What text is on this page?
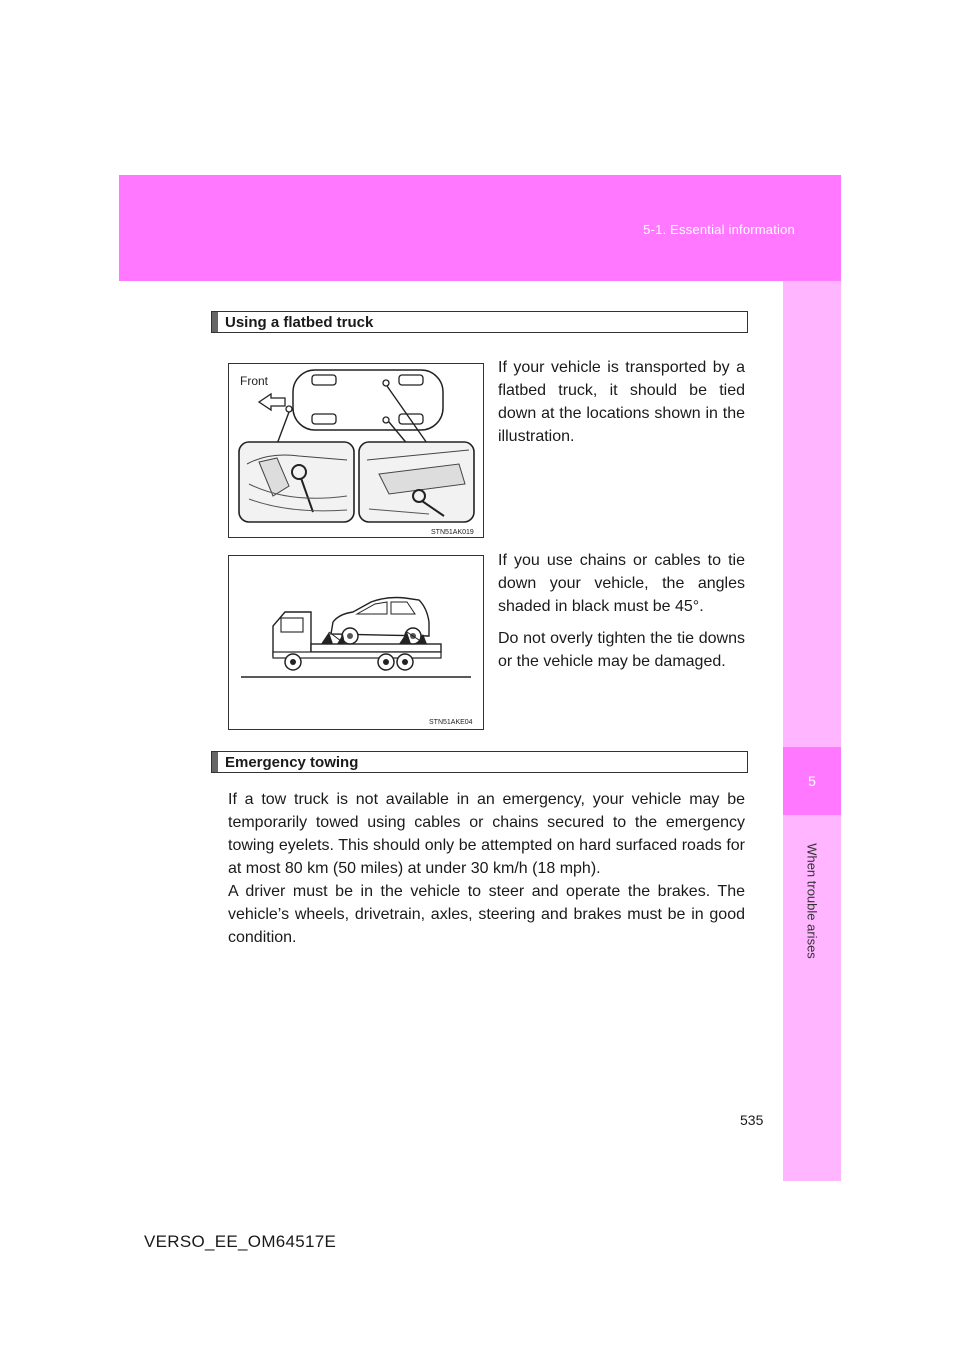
5-1. Essential information
5
When trouble arises
Using a flatbed truck
Front
STN51AK019

If your vehicle is transported by a flatbed truck, it should be tied down at the locations shown in the illustration.

STN51AKE04

If you use chains or cables to tie down your vehicle, the angles shaded in black must be 45°.

Do not overly tighten the tie downs or the vehicle may be damaged.

Emergency towing

If a tow truck is not available in an emergency, your vehicle may be temporarily towed using cables or chains secured to the emergency towing eyelets. This should only be attempted on hard surfaced roads for at most 80 km (50 miles) at under 30 km/h (18 mph).

A driver must be in the vehicle to steer and operate the brakes. The vehicle’s wheels, drivetrain, axles, steering and brakes must be in good condition.

535
VERSO_EE_OM64517E
